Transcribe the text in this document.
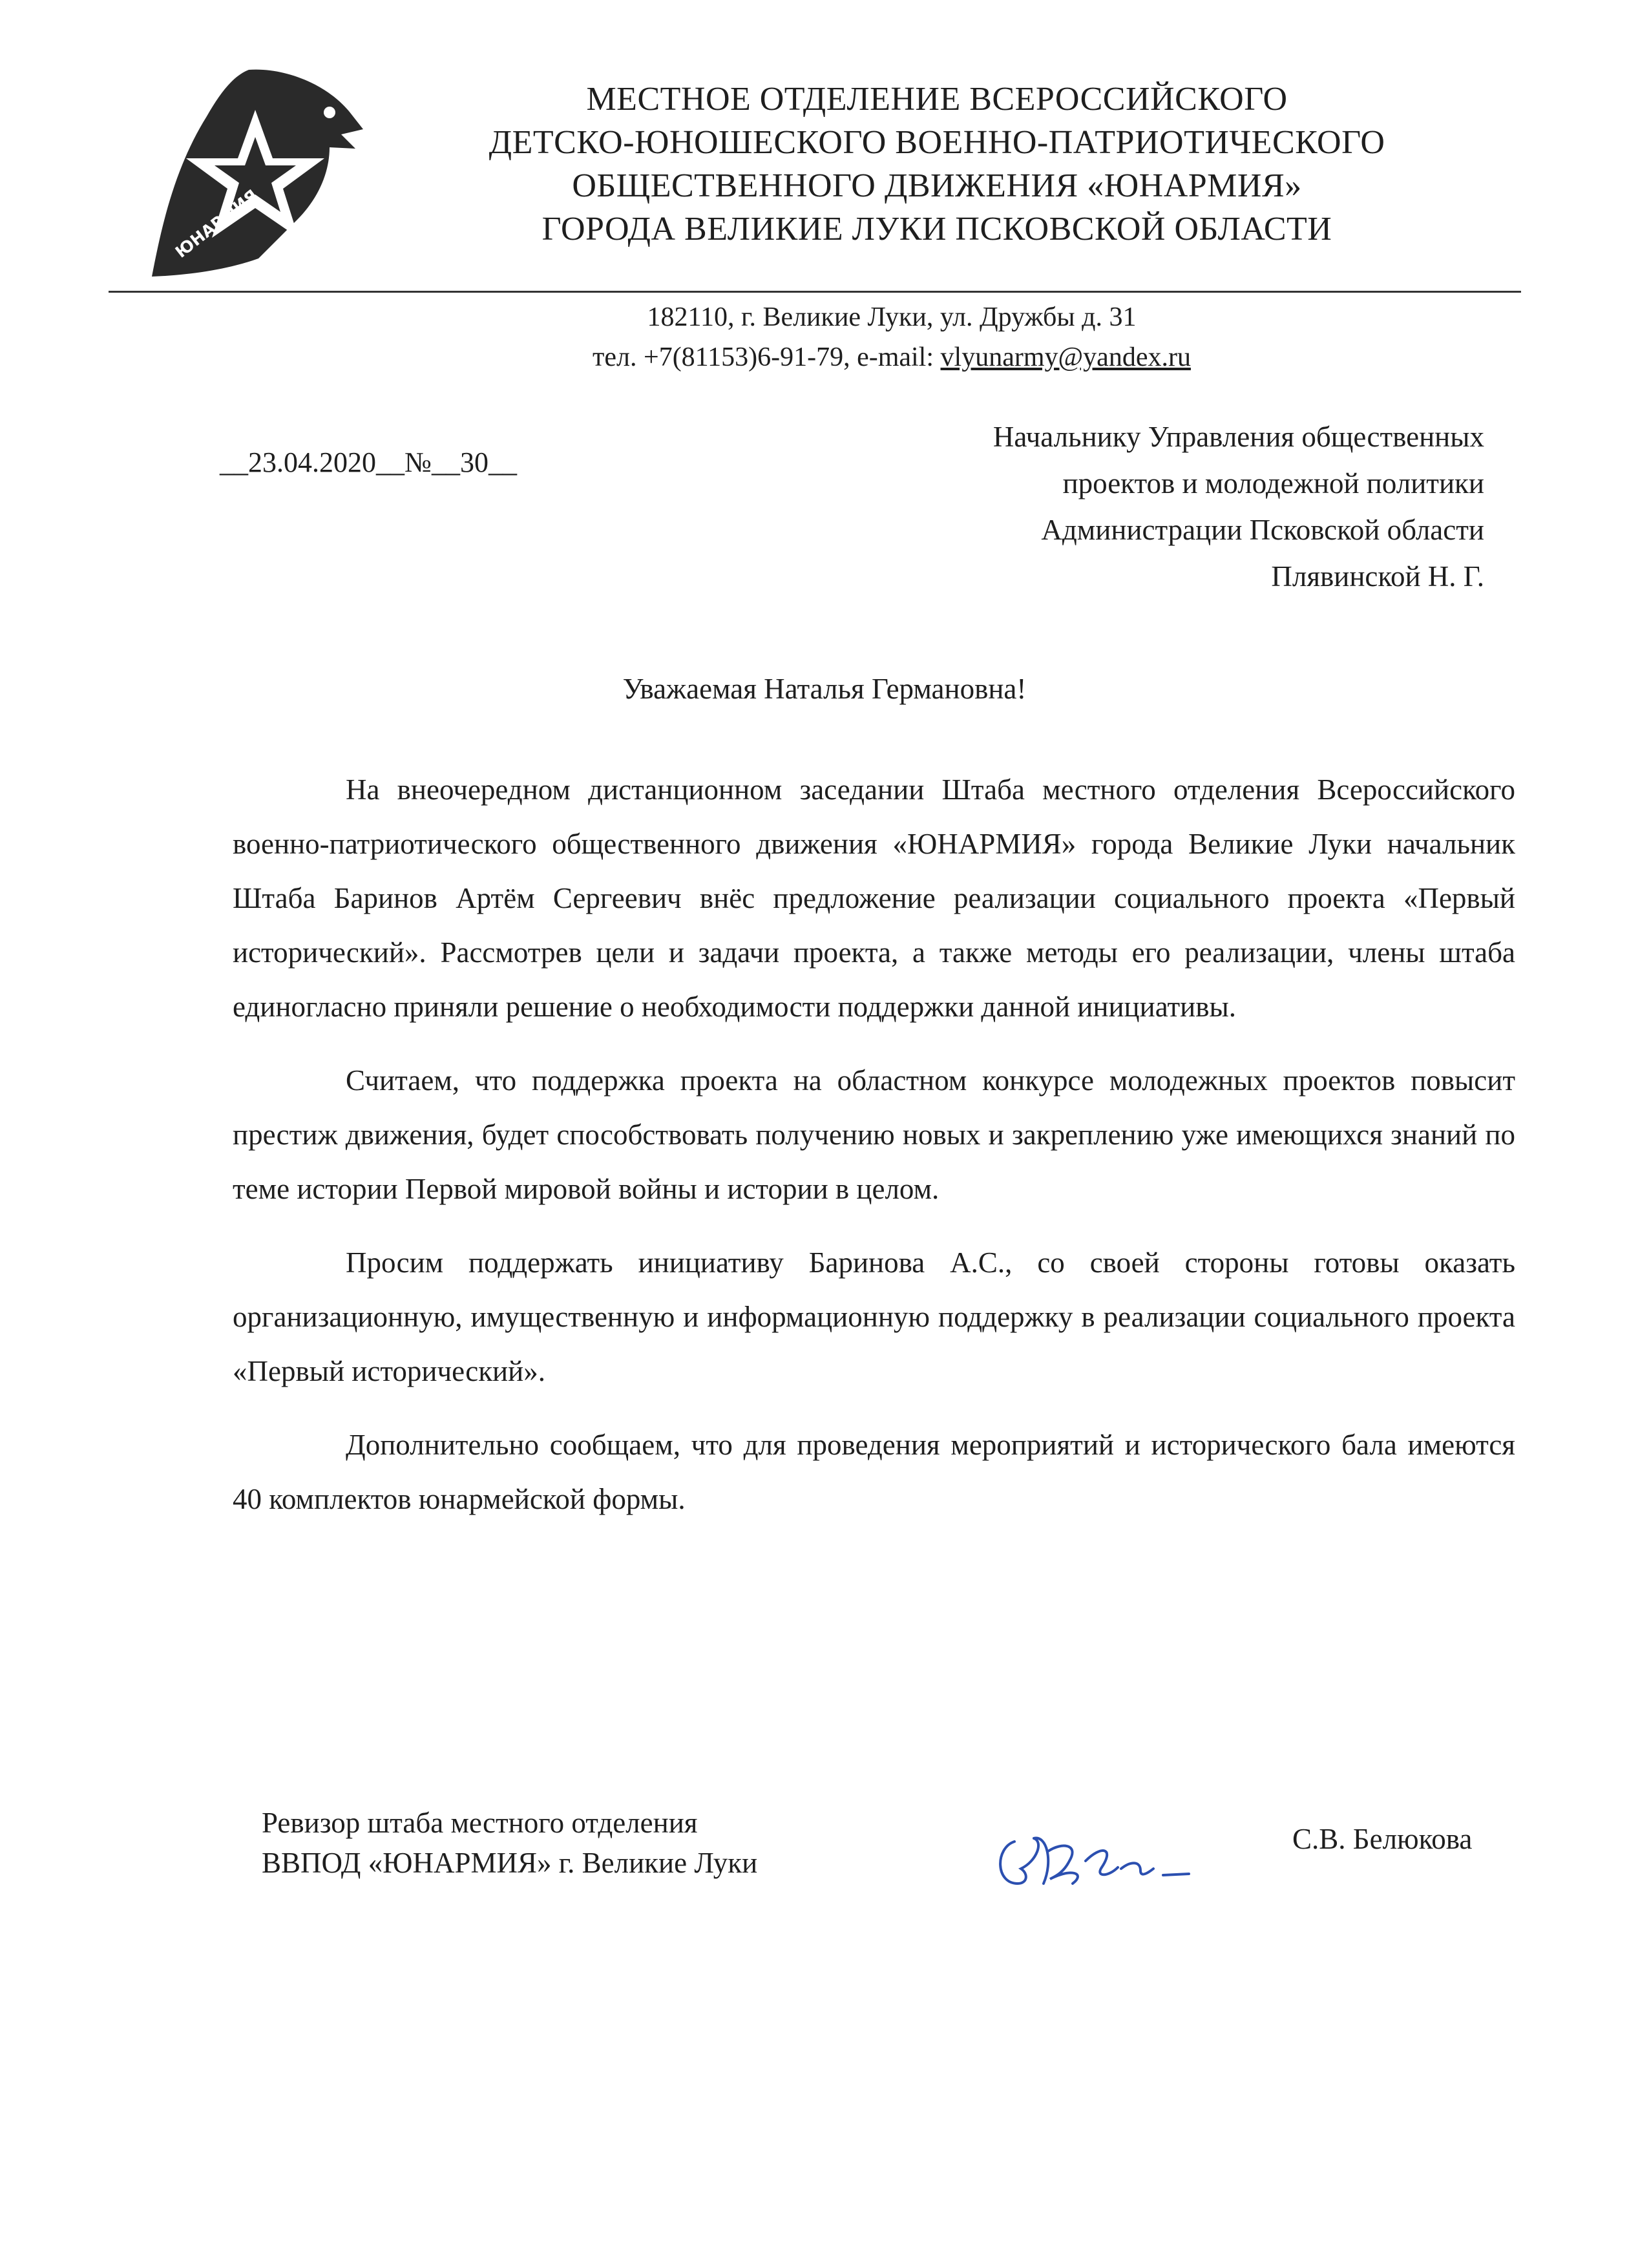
ЮНАРМИЯ
МЕСТНОЕ ОТДЕЛЕНИЕ ВСЕРОССИЙСКОГО
ДЕТСКО-ЮНОШЕСКОГО ВОЕННО-ПАТРИОТИЧЕСКОГО
ОБЩЕСТВЕННОГО ДВИЖЕНИЯ «ЮНАРМИЯ»
ГОРОДА ВЕЛИКИЕ ЛУКИ ПСКОВСКОЙ ОБЛАСТИ
182110, г. Великие Луки, ул. Дружбы д. 31
тел. +7(81153)6-91-79, e-mail: vlyunarmy@yandex.ru
__23.04.2020__№__30__
Начальнику Управления общественных
проектов и молодежной политики
Администрации Псковской области
Плявинской Н. Г.
Уважаемая Наталья Германовна!

На внеочередном дистанционном заседании Штаба местного отделения Всероссийского военно-патриотического общественного движения «ЮНАРМИЯ» города Великие Луки начальник Штаба Баринов Артём Сергеевич внёс предложение реализации социального проекта «Первый исторический». Рассмотрев цели и задачи проекта, а также методы его реализации, члены штаба единогласно приняли решение о необходимости поддержки данной инициативы.

Считаем, что поддержка проекта на областном конкурсе молодежных проектов повысит престиж движения, будет способствовать получению новых и закреплению уже имеющихся знаний по теме истории Первой мировой войны и истории в целом.

Просим поддержать инициативу Баринова А.С., со своей стороны готовы оказать организационную, имущественную и информационную поддержку в реализации социального проекта «Первый исторический».

Дополнительно сообщаем, что для проведения мероприятий и исторического бала имеются 40 комплектов юнармейской формы.

Ревизор штаба местного отделения
ВВПОД «ЮНАРМИЯ» г. Великие Луки
С.В. Белюкова
